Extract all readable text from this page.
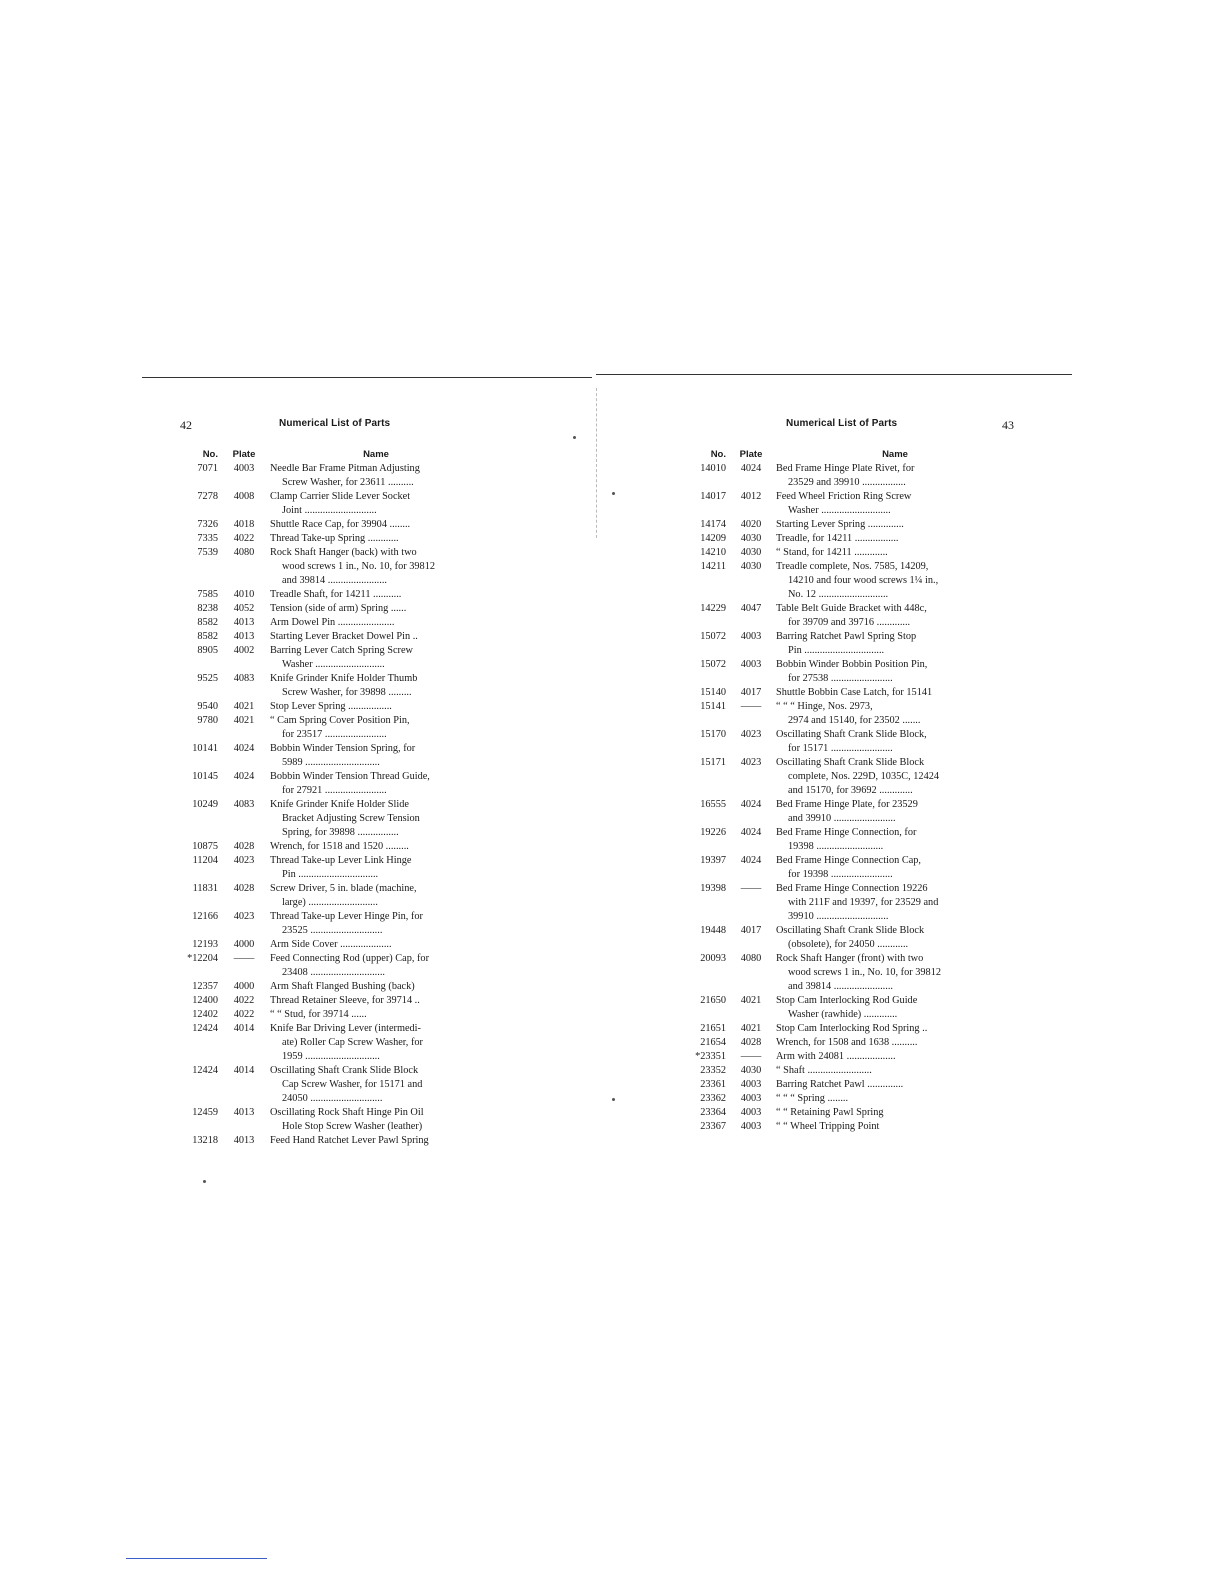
42	Numerical List of Parts
No.	Plate	Name
7071	4003	Needle Bar Frame Pitman Adjusting
Screw Washer, for 23611 ..........
7278	4008	Clamp Carrier Slide Lever Socket
Joint ............................
7326	4018	Shuttle Race Cap, for 39904 ........
7335	4022	Thread Take-up Spring ............
7539	4080	Rock Shaft Hanger (back) with two
wood screws 1 in., No. 10, for 39812
and 39814 .......................
7585	4010	Treadle Shaft, for 14211 ...........
8238	4052	Tension (side of arm) Spring ......
8582	4013	Arm Dowel Pin ......................
8582	4013	Starting Lever Bracket Dowel Pin ..
8905	4002	Barring Lever Catch Spring Screw
Washer ...........................
9525	4083	Knife Grinder Knife Holder Thumb
Screw Washer, for 39898 .........
9540	4021	Stop Lever Spring .................
9780	4021	“ Cam Spring Cover Position Pin,
for 23517 ........................
10141	4024	Bobbin Winder Tension Spring, for
5989 .............................
10145	4024	Bobbin Winder Tension Thread Guide,
for 27921 ........................
10249	4083	Knife Grinder Knife Holder Slide
Bracket Adjusting Screw Tension
Spring, for 39898 ................
10875	4028	Wrench, for 1518 and 1520 .........
11204	4023	Thread Take-up Lever Link Hinge
Pin ...............................
11831	4028	Screw Driver, 5 in. blade (machine,
large) ...........................
12166	4023	Thread Take-up Lever Hinge Pin, for
23525 ............................
12193	4000	Arm Side Cover ....................
*12204	——	Feed Connecting Rod (upper) Cap, for
23408 .............................
12357	4000	Arm Shaft Flanged Bushing (back)
12400	4022	Thread Retainer Sleeve, for 39714 ..
12402	4022	“ “ Stud, for 39714 ......
12424	4014	Knife Bar Driving Lever (intermedi-
ate) Roller Cap Screw Washer, for
1959 .............................
12424	4014	Oscillating Shaft Crank Slide Block
Cap Screw Washer, for 15171 and
24050 ............................
12459	4013	Oscillating Rock Shaft Hinge Pin Oil
Hole Stop Screw Washer (leather)
13218	4013	Feed Hand Ratchet Lever Pawl Spring
Numerical List of Parts	43
No.	Plate	Name
14010	4024	Bed Frame Hinge Plate Rivet, for
23529 and 39910 .................
14017	4012	Feed Wheel Friction Ring Screw
Washer ...........................
14174	4020	Starting Lever Spring ..............
14209	4030	Treadle, for 14211 .................
14210	4030	“ Stand, for 14211 .............
14211	4030	Treadle complete, Nos. 7585, 14209,
14210 and four wood screws 1¼ in.,
No. 12 ...........................
14229	4047	Table Belt Guide Bracket with 448c,
for 39709 and 39716 .............
15072	4003	Barring Ratchet Pawl Spring Stop
Pin ...............................
15072	4003	Bobbin Winder Bobbin Position Pin,
for 27538 ........................
15140	4017	Shuttle Bobbin Case Latch, for 15141
15141	——	“ “ “ Hinge, Nos. 2973,
2974 and 15140, for 23502 .......
15170	4023	Oscillating Shaft Crank Slide Block,
for 15171 ........................
15171	4023	Oscillating Shaft Crank Slide Block
complete, Nos. 229D, 1035C, 12424
and 15170, for 39692 .............
16555	4024	Bed Frame Hinge Plate, for 23529
and 39910 ........................
19226	4024	Bed Frame Hinge Connection, for
19398 ..........................
19397	4024	Bed Frame Hinge Connection Cap,
for 19398 ........................
19398	——	Bed Frame Hinge Connection 19226
with 211F and 19397, for 23529 and
39910 ............................
19448	4017	Oscillating Shaft Crank Slide Block
(obsolete), for 24050 ............
20093	4080	Rock Shaft Hanger (front) with two
wood screws 1 in., No. 10, for 39812
and 39814 .......................
21650	4021	Stop Cam Interlocking Rod Guide
Washer (rawhide) .............
21651	4021	Stop Cam Interlocking Rod Spring ..
21654	4028	Wrench, for 1508 and 1638 ..........
*23351	——	Arm with 24081 ...................
23352	4030	“ Shaft .........................
23361	4003	Barring Ratchet Pawl ..............
23362	4003	“ “ “ Spring ........
23364	4003	“ “ Retaining Pawl Spring
23367	4003	“ “ Wheel Tripping Point
